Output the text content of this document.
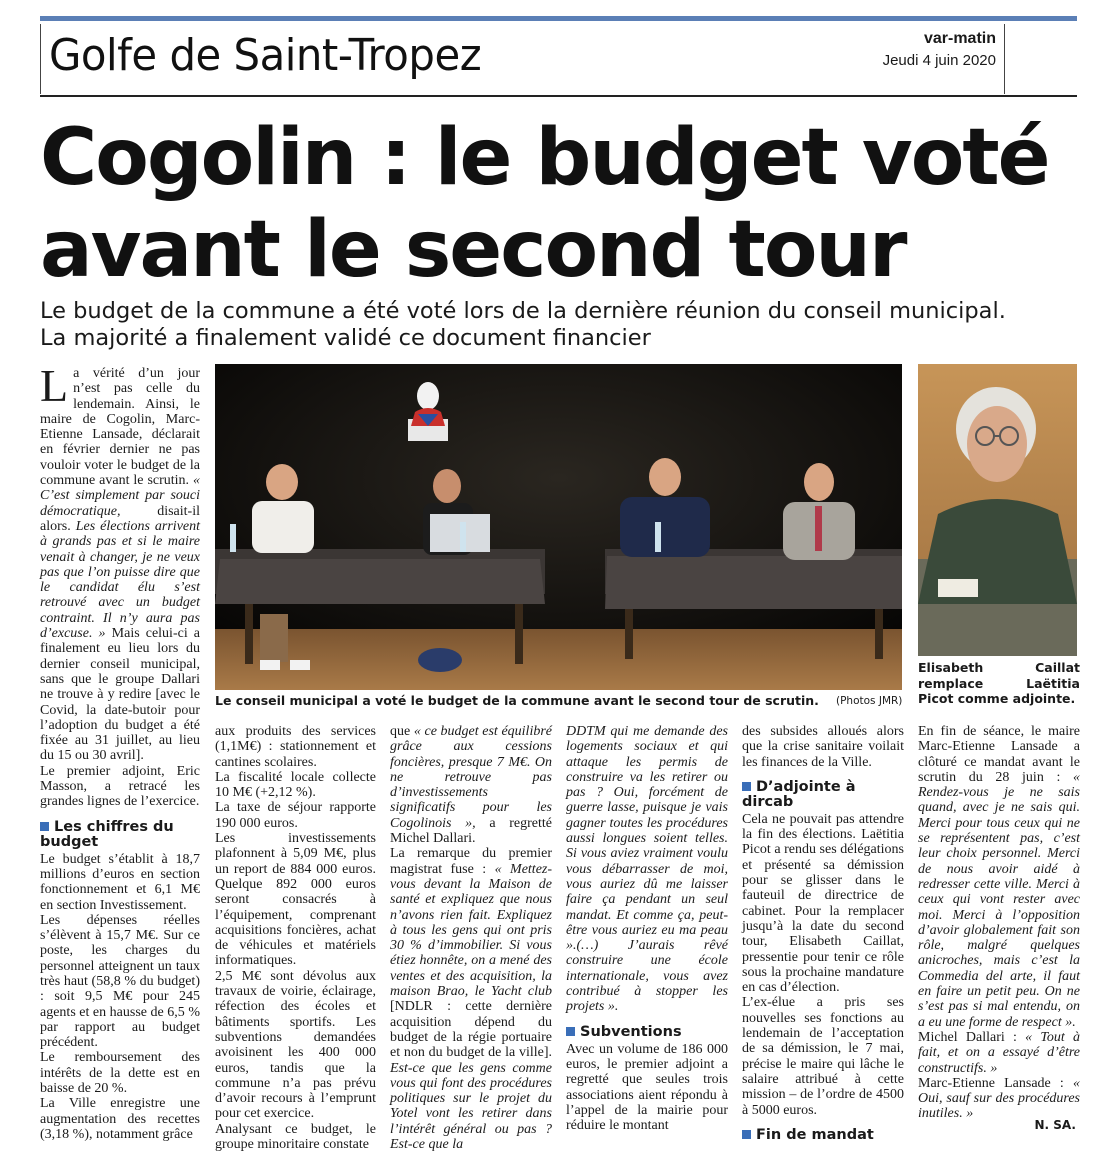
Golfe de Saint-Tropez	var-matin
Jeudi 4 juin 2020
Cogolin : le budget voté
avant le second tour
Le budget de la commune a été voté lors de la dernière réunion du conseil municipal.
La majorité a finalement validé ce document financier
Le conseil municipal a voté le budget de la commune avant le second tour de scrutin. (Photos JMR)
Elisabeth Caillat remplace Laëtitia Picot comme adjointe.

La vérité d’un jour n’est pas celle du lendemain. Ainsi, le maire de Cogolin, Marc-Etienne Lansade, déclarait en février dernier ne pas vouloir voter le budget de la commune avant le scrutin. « C’est simplement par souci démocratique,	disait-il alors. Les élections arrivent à grands pas et si le maire venait à changer, je ne veux pas que l’on puisse dire que le candidat élu s’est retrouvé avec un budget contraint. Il n’y aura pas d’excuse. » Mais celui-ci a finalement eu lieu lors du dernier conseil municipal, sans que le groupe Dallari ne trouve à y redire [avec le Covid, la date-butoir pour l’adoption du budget a été fixée au 31 juillet, au lieu du 15 ou 30 avril].

Le premier adjoint, Eric Masson, a retracé les grandes lignes de l’exercice.

Les chiffres du budget

Le budget s’établit à 18,7 millions d’euros en section fonctionnement et 6,1 M€ en section Investissement.

Les dépenses réelles s’élèvent à 15,7 M€. Sur ce poste, les charges du personnel atteignent un taux très haut (58,8 % du budget) : soit 9,5 M€ pour 245 agents et en hausse de 6,5 % par rapport au budget précédent.

Le remboursement des intérêts de la dette est en baisse de 20 %.

La Ville enregistre une augmentation des recettes (3,18 %), notamment grâce

aux produits des services (1,1M€) : stationnement et cantines scolaires.

La fiscalité locale collecte 10 M€ (+2,12 %).

La taxe de séjour rapporte 190 000 euros.

Les investissements plafonnent à 5,09 M€, plus un report de 884 000 euros. Quelque 892 000 euros seront consacrés à l’équipement, comprenant acquisitions foncières, achat de véhicules et matériels informatiques.

2,5 M€ sont dévolus aux travaux de voirie, éclairage, réfection des écoles et bâtiments sportifs. Les subventions demandées avoisinent les 400 000 euros, tandis que la commune n’a pas prévu d’avoir recours à l’emprunt pour cet exercice.

Analysant ce budget, le groupe minoritaire constate

que « ce budget est équilibré grâce aux cessions foncières, presque 7 M€. On ne retrouve pas d’investissements significatifs pour les Cogolinois », a regretté Michel Dallari.

La remarque du premier magistrat fuse : « Mettez-vous devant la Maison de santé et expliquez que nous n’avons rien fait. Expliquez à tous les gens qui ont pris 30 % d’immobilier. Si vous étiez honnête, on a mené des ventes et des acquisition, la maison Brao, le Yacht club [NDLR : cette dernière acquisition dépend du budget de la régie portuaire et non du budget de la ville]. Est-ce que les gens comme vous qui font des procédures politiques sur le projet du Yotel vont les retirer dans l’intérêt général ou pas ? Est-ce que la

DDTM qui me demande des logements sociaux et qui attaque les permis de construire va les retirer ou pas ? Oui, forcément de guerre lasse, puisque je vais gagner toutes les procédures aussi longues soient telles. Si vous aviez vraiment voulu vous débarrasser de moi, vous auriez dû me laisser faire ça pendant un seul mandat. Et comme ça, peut-être vous auriez eu ma peau ».(…) J’aurais rêvé construire une école internationale, vous avez contribué à stopper les projets ».

Subventions

Avec un volume de 186 000 euros, le premier adjoint a regretté que seules trois associations aient répondu à l’appel de la mairie pour réduire le montant

des subsides alloués alors que la crise sanitaire voilait les finances de la Ville.

D’adjointe à dircab

Cela ne pouvait pas attendre la fin des élections. Laëtitia Picot a rendu ses délégations et présenté sa démission pour se glisser dans le fauteuil de directrice de cabinet. Pour la remplacer jusqu’à la date du second tour, Elisabeth Caillat, pressentie pour tenir ce rôle sous la prochaine mandature en cas d’élection.

L’ex-élue a pris ses nouvelles ses fonctions au lendemain de l’acceptation de sa démission, le 7 mai, précise le maire qui lâche le salaire attribué à cette mission – de l’ordre de 4500 à 5000 euros.

Fin de mandat

En fin de séance, le maire Marc-Etienne Lansade a clôturé ce mandat avant le scrutin du 28 juin : « Rendez-vous je ne sais quand, avec je ne sais qui. Merci pour tous ceux qui ne se représentent pas, c’est leur choix personnel. Merci de nous avoir aidé à redresser cette ville. Merci à ceux qui vont rester avec moi. Merci à l’opposition d’avoir globalement fait son rôle, malgré quelques anicroches, mais c’est la Commedia del arte, il faut en faire un petit peu. On ne s’est pas si mal entendu, on a eu une forme de respect ».

Michel Dallari : « Tout à fait, et on a essayé d’être constructifs. »

Marc-Etienne Lansade : « Oui, sauf sur des procédures inutiles. »

N. SA.
